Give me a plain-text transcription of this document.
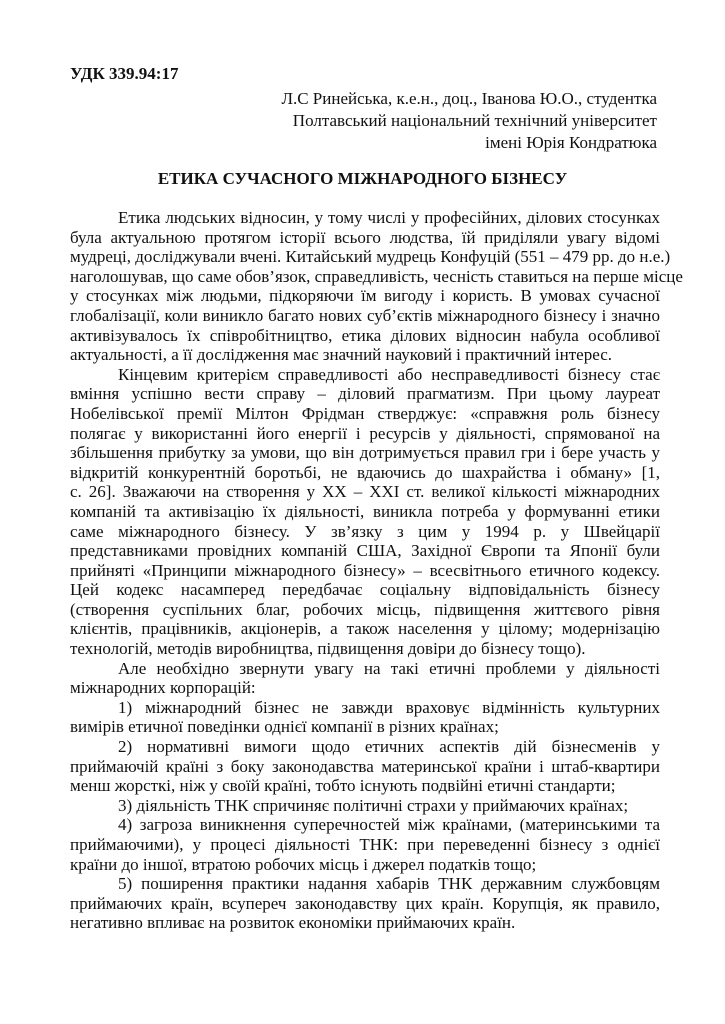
УДК 339.94:17
Л.С Ринейська, к.е.н., доц., Іванова Ю.О., студентка
Полтавський національний технічний університет
імені Юрія Кондратюка
ЕТИКА СУЧАСНОГО МІЖНАРОДНОГО БІЗНЕСУ
Етика людських відносин, у тому числі у професійних, ділових стосунках
була актуальною протягом історії всього людства, їй приділяли увагу відомі
мудреці, досліджували вчені. Китайський мудрець Конфуцій (551 – 479 рр. до н.е.)
наголошував, що саме обов’язок, справедливість, чесність ставиться на перше місце
у стосунках між людьми, підкоряючи їм вигоду і користь. В умовах сучасної
глобалізації, коли виникло багато нових суб’єктів міжнародного бізнесу і значно
активізувалось їх співробітництво, етика ділових відносин набула особливої
актуальності, а її дослідження має значний науковий і практичний інтерес.
Кінцевим критерієм справедливості або несправедливості бізнесу стає
вміння успішно вести справу – діловий прагматизм. При цьому лауреат
Нобелівської премії Мілтон Фрідман стверджує: «справжня роль бізнесу
полягає у використанні його енергії і ресурсів у діяльності, спрямованої на
збільшення прибутку за умови, що він дотримується правил гри і бере участь у
відкритій конкурентній боротьбі, не вдаючись до шахрайства і обману» [1,
с. 26]. Зважаючи на створення у XX – XXI ст. великої кількості міжнародних
компаній та активізацію їх діяльності, виникла потреба у формуванні етики
саме міжнародного бізнесу. У зв’язку з цим у 1994 р. у Швейцарії
представниками провідних компаній США, Західної Європи та Японії були
прийняті «Принципи міжнародного бізнесу» – всесвітнього етичного кодексу.
Цей кодекс насамперед передбачає соціальну відповідальність бізнесу
(створення суспільних благ, робочих місць, підвищення життєвого рівня
клієнтів, працівників, акціонерів, а також населення у цілому; модернізацію
технологій, методів виробництва, підвищення довіри до бізнесу тощо).
Але необхідно звернути увагу на такі етичні проблеми у діяльності
міжнародних корпорацій:
1) міжнародний бізнес не завжди враховує відмінність культурних
вимірів етичної поведінки однієї компанії в різних країнах;
2) нормативні вимоги щодо етичних аспектів дій бізнесменів у
приймаючій країні з боку законодавства материнської країни і штаб-квартири
менш жорсткі, ніж у своїй країні, тобто існують подвійні етичні стандарти;
3) діяльність ТНК спричиняє політичні страхи у приймаючих країнах;
4) загроза виникнення суперечностей між країнами, (материнськими та
приймаючими), у процесі діяльності ТНК: при переведенні бізнесу з однієї
країни до іншої, втратою робочих місць і джерел податків тощо;
5) поширення практики надання хабарів ТНК державним службовцям
приймаючих країн, всупереч законодавству цих країн. Корупція, як правило,
негативно впливає на розвиток економіки приймаючих країн.
